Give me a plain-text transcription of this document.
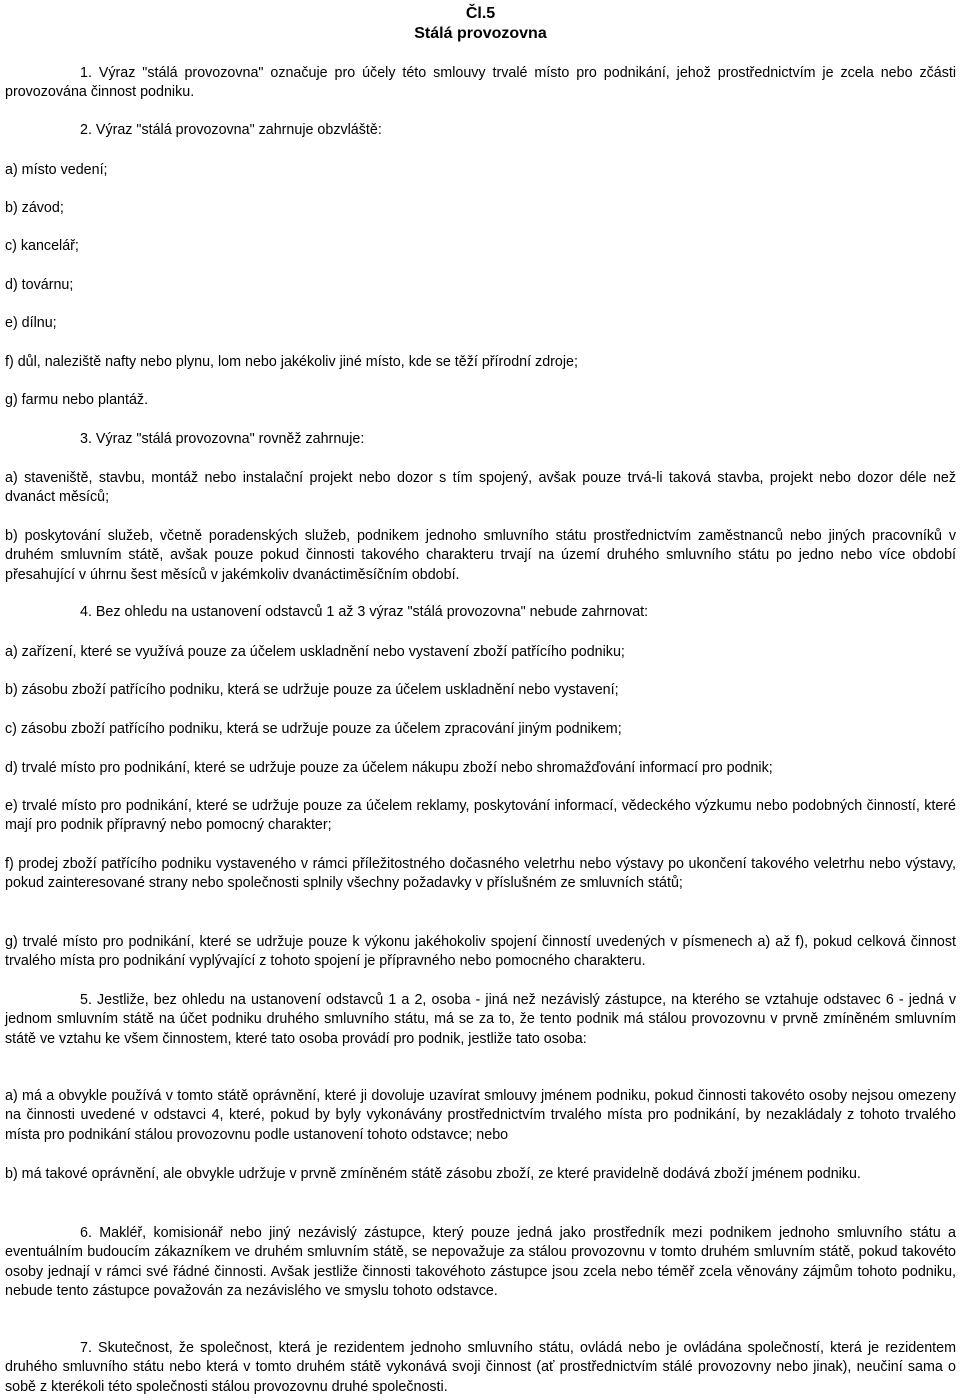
Čl.5
Stálá provozovna

1. Výraz "stálá provozovna" označuje pro účely této smlouvy trvalé místo pro podnikání, jehož prostřednictvím je zcela nebo zčásti provozována činnost podniku.

2. Výraz "stálá provozovna" zahrnuje obzvláště:

a) místo vedení;

b) závod;

c) kancelář;

d) továrnu;

e) dílnu;

f) důl, naleziště nafty nebo plynu, lom nebo jakékoliv jiné místo, kde se těží přírodní zdroje;

g) farmu nebo plantáž.

3. Výraz "stálá provozovna" rovněž zahrnuje:

a) staveniště, stavbu, montáž nebo instalační projekt nebo dozor s tím spojený, avšak pouze trvá-li taková stavba, projekt nebo dozor déle než dvanáct měsíců;

b) poskytování služeb, včetně poradenských služeb, podnikem jednoho smluvního státu prostřednictvím zaměstnanců nebo jiných pracovníků v druhém smluvním státě, avšak pouze pokud činnosti takového charakteru trvají na území druhého smluvního státu po jedno nebo více období přesahující v úhrnu šest měsíců v jakémkoliv dvanáctiměsíčním období.

4. Bez ohledu na ustanovení odstavců 1 až 3 výraz "stálá provozovna" nebude zahrnovat:

a) zařízení, které se využívá pouze za účelem uskladnění nebo vystavení zboží patřícího podniku;

b) zásobu zboží patřícího podniku, která se udržuje pouze za účelem uskladnění nebo vystavení;

c) zásobu zboží patřícího podniku, která se udržuje pouze za účelem zpracování jiným podnikem;

d) trvalé místo pro podnikání, které se udržuje pouze za účelem nákupu zboží nebo shromažďování informací pro podnik;

e) trvalé místo pro podnikání, které se udržuje pouze za účelem reklamy, poskytování informací, vědeckého výzkumu nebo podobných činností, které mají pro podnik přípravný nebo pomocný charakter;

f) prodej zboží patřícího podniku vystaveného v rámci příležitostného dočasného veletrhu nebo výstavy po ukončení takového veletrhu nebo výstavy, pokud zainteresované strany nebo společnosti splnily všechny požadavky v příslušném ze smluvních států;

g) trvalé místo pro podnikání, které se udržuje pouze k výkonu jakéhokoliv spojení činností uvedených v písmenech a) až f), pokud celková činnost trvalého místa pro podnikání vyplývající z tohoto spojení je přípravného nebo pomocného charakteru.

5. Jestliže, bez ohledu na ustanovení odstavců 1 a 2, osoba - jiná než nezávislý zástupce, na kterého se vztahuje odstavec 6 - jedná v jednom smluvním státě na účet podniku druhého smluvního státu, má se za to, že tento podnik má stálou provozovnu v prvně zmíněném smluvním státě ve vztahu ke všem činnostem, které tato osoba provádí pro podnik, jestliže tato osoba:

a) má a obvykle používá v tomto státě oprávnění, které ji dovoluje uzavírat smlouvy jménem podniku, pokud činnosti takovéto osoby nejsou omezeny na činnosti uvedené v odstavci 4, které, pokud by byly vykonávány prostřednictvím trvalého místa pro podnikání, by nezakládaly z tohoto trvalého místa pro podnikání stálou provozovnu podle ustanovení tohoto odstavce; nebo

b) má takové oprávnění, ale obvykle udržuje v prvně zmíněném státě zásobu zboží, ze které pravidelně dodává zboží jménem podniku.

6. Makléř, komisionář nebo jiný nezávislý zástupce, který pouze jedná jako prostředník mezi podnikem jednoho smluvního státu a eventuálním budoucím zákazníkem ve druhém smluvním státě, se nepovažuje za stálou provozovnu v tomto druhém smluvním státě, pokud takovéto osoby jednají v rámci své řádné činnosti. Avšak jestliže činnosti takovéhoto zástupce jsou zcela nebo téměř zcela věnovány zájmům tohoto podniku, nebude tento zástupce považován za nezávislého ve smyslu tohoto odstavce.

7. Skutečnost, že společnost, která je rezidentem jednoho smluvního státu, ovládá nebo je ovládána společností, která je rezidentem druhého smluvního státu nebo která v tomto druhém státě vykonává svoji činnost (ať prostřednictvím stálé provozovny nebo jinak), neučiní sama o sobě z kterékoli této společnosti stálou provozovnu druhé společnosti.
